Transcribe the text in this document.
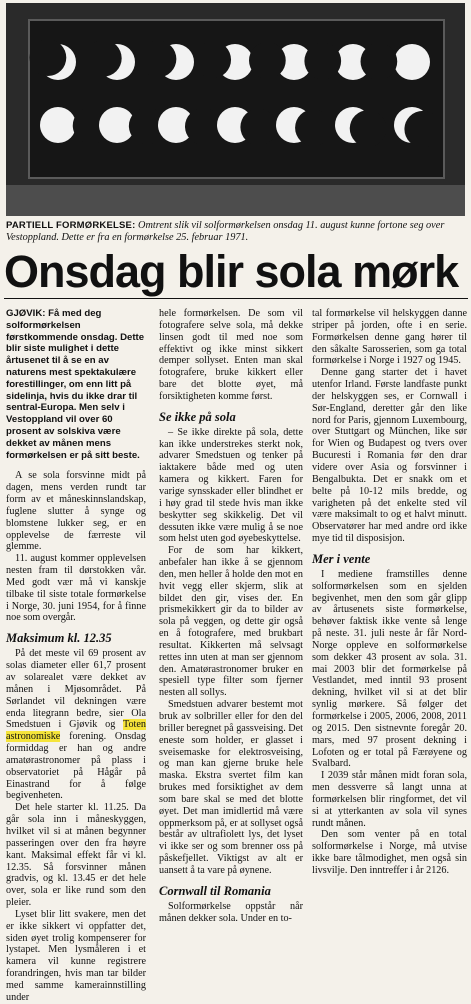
PARTIELL FORMØRKELSE: Omtrent slik vil solformørkelsen onsdag 11. august kunne fortone seg over Vestoppland. Dette er fra en formørkelse 25. februar 1971.
Onsdag blir sola mørk
GJØVIK: Få med deg solformørkelsen førstkommende onsdag. Dette blir siste mulighet i dette årtusenet til å se en av naturens mest spektakulære forestillinger, om enn litt på sidelinja, hvis du ikke drar til sentral-Europa. Men selv i Vestoppland vil over 60 prosent av solskiva være dekket av månen mens formørkelsen er på sitt beste.

A se sola forsvinne midt på dagen, mens verden rundt tar form av et måneskinnslandskap, fuglene slutter å synge og blomstene lukker seg, er en opplevelse de færreste vil glemme.

11. august kommer opplevelsen nesten fram til dørstokken vår. Med godt vær må vi kanskje tilbake til siste totale formørkelse i Norge, 30. juni 1954, for å finne noe som overgår.

Maksimum kl. 12.35

På det meste vil 69 prosent av solas diameter eller 61,7 prosent av solarealet være dekket av månen i Mjøsområdet. På Sørlandet vil dekningen være enda litegrann bedre, sier Ola Smedstuen i Gjøvik og Toten astronomiske forening. Onsdag formiddag er han og andre amatørastronomer på plass i observatoriet på Hågår på Einastrand for å følge begivenheten.

Det hele starter kl. 11.25. Da går sola inn i måneskyggen, hvilket vil si at månen begynner passeringen over den fra høyre kant. Maksimal effekt får vi kl. 12.35. Så forsvinner månen gradvis, og kl. 13.45 er det hele over, sola er like rund som den pleier.

Lyset blir litt svakere, men det er ikke sikkert vi oppfatter det, siden øyet trolig kompenserer for lystapet. Men lysmåleren i et kamera vil kunne registrere forandringen, hvis man tar bilder med samme kamerainnstilling under

hele formørkelsen. De som vil fotografere selve sola, må dekke linsen godt til med noe som effektivt og ikke minst sikkert demper sollyset. Enten man skal fotografere, bruke kikkert eller bare det blotte øyet, må forsiktigheten komme først.

Se ikke på sola

– Se ikke direkte på sola, dette kan ikke understrekes sterkt nok, advarer Smedstuen og tenker på iaktakere både med og uten kamera og kikkert. Faren for varige synsskader eller blindhet er i høy grad til stede hvis man ikke beskytter seg skikkelig. Det vil dessuten ikke være mulig å se noe som helst uten god øyebeskyttelse.

For de som har kikkert, anbefaler han ikke å se gjennom den, men heller å holde den mot en hvit vegg eller skjerm, slik at bildet den gir, vises der. En prismekikkert gir da to bilder av sola på veggen, og dette gir også en å fotografere, med brukbart resultat. Kikkerten må selvsagt rettes inn uten at man ser gjennom den. Amatørastronomer bruker en spesiell type filter som fjerner nesten all sollys.

Smedstuen advarer bestemt mot bruk av solbriller eller for den del briller beregnet på gassveising. Det eneste som holder, er glasset i sveisemaske for elektrosveising, og man kan gjerne bruke hele maska. Ekstra svertet film kan brukes med forsiktighet av dem som bare skal se med det blotte øyet. Det man imidlertid må være oppmerksom på, er at sollyset også består av ultrafiolett lys, det lyset vi ikke ser og som brenner oss på påskefjellet. Viktigst av alt er uansett å ta vare på øynene.

Cornwall til Romania

Solformørkelse oppstår når månen dekker sola. Under en to-

tal formørkelse vil helskyggen danne striper på jorden, ofte i en serie. Formørkelsen denne gang hører til den såkalte Sarosserien, som ga total formørkelse i Norge i 1927 og 1945.

Denne gang starter det i havet utenfor Irland. Første landfaste punkt der helskyggen ses, er Cornwall i Sør-England, deretter går den like nord for Paris, gjennom Luxembourg, over Stuttgart og München, like sør for Wien og Budapest og tvers over Bucuresti i Romania før den drar videre over Asia og forsvinner i Bengalbukta. Det er snakk om et belte på 10-12 mils bredde, og varigheten på det enkelte sted vil være maksimalt to og et halvt minutt. Observatører har med andre ord ikke mye tid til disposisjon.

Mer i vente

I mediene framstilles denne solformørkelsen som en sjelden begivenhet, men den som går glipp av årtusenets siste formørkelse, behøver faktisk ikke vente så lenge på neste. 31. juli neste år får Nord-Norge oppleve en solformørkelse som dekker 43 prosent av sola. 31. mai 2003 blir det formørkelse på Vestlandet, med inntil 93 prosent dekning, hvilket vil si at det blir synlig mørkere. Så følger det formørkelse i 2005, 2006, 2008, 2011 og 2015. Den sistnevnte foregår 20. mars, med 97 prosent dekning i Lofoten og er total på Færøyene og Svalbard.

I 2039 står månen midt foran sola, men dessverre så langt unna at formørkelsen blir ringformet, det vil si at ytterkanten av sola vil synes rundt månen.

Den som venter på en total solformørkelse i Norge, må utvise ikke bare tålmodighet, men også sin livsvilje. Den inntreffer i år 2126.
